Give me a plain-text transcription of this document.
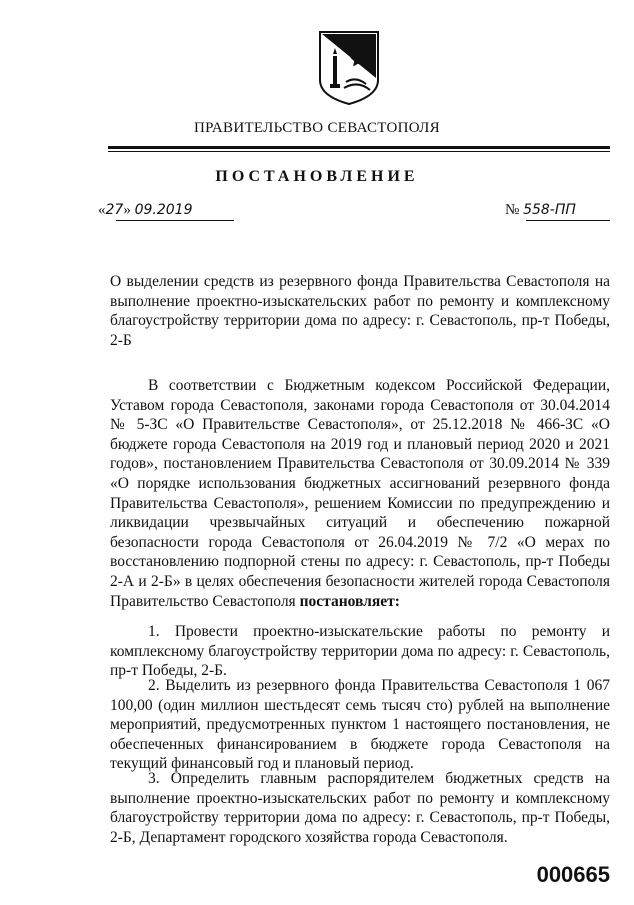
ПРАВИТЕЛЬСТВО СЕВАСТОПОЛЯ
ПОСТАНОВЛЕНИЕ
«27» 09.2019	№ 558-ПП

О выделении средств из резервного фонда Правительства Севастополя на выполнение проектно-изыскательских работ по ремонту и комплексному благоустройству территории дома по адресу: г. Севастополь, пр-т Победы, 2-Б

В соответствии с Бюджетным кодексом Российской Федерации, Уставом города Севастополя, законами города Севастополя от 30.04.2014 № 5-ЗС «О Правительстве Севастополя», от 25.12.2018 № 466-ЗС «О бюджете города Севастополя на 2019 год и плановый период 2020 и 2021 годов», постановлением Правительства Севастополя от 30.09.2014 № 339 «О порядке использования бюджетных ассигнований резервного фонда Правительства Севастополя», решением Комиссии по предупреждению и ликвидации чрезвычайных ситуаций и обеспечению пожарной безопасности города Севастополя от 26.04.2019 № 7/2 «О мерах по восстановлению подпорной стены по адресу: г. Севастополь, пр-т Победы 2-А и 2-Б» в целях обеспечения безопасности жителей города Севастополя Правительство Севастополя постановляет:

1. Провести проектно-изыскательские работы по ремонту и комплексному благоустройству территории дома по адресу: г. Севастополь, пр-т Победы, 2-Б.

2. Выделить из резервного фонда Правительства Севастополя 1 067 100,00 (один миллион шестьдесят семь тысяч сто) рублей на выполнение мероприятий, предусмотренных пунктом 1 настоящего постановления, не обеспеченных финансированием в бюджете города Севастополя на текущий финансовый год и плановый период.

3. Определить главным распорядителем бюджетных средств на выполнение проектно-изыскательских работ по ремонту и комплексному благоустройству территории дома по адресу: г. Севастополь, пр-т Победы, 2-Б, Департамент городского хозяйства города Севастополя.

000665
